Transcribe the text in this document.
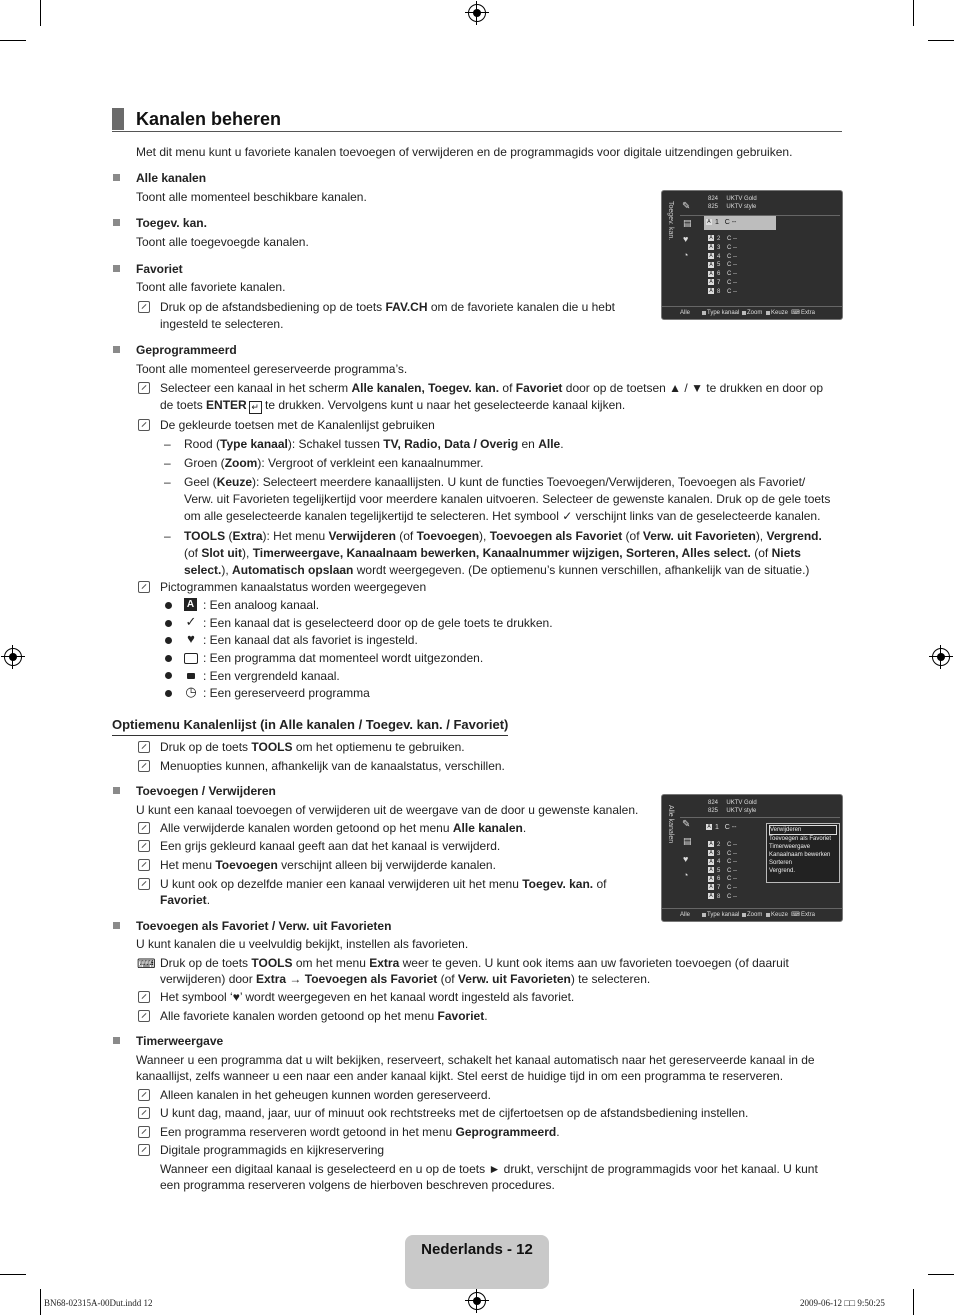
Kanalen beheren
Met dit menu kunt u favoriete kanalen toevoegen of verwijderen en de programmagids voor digitale uitzendingen gebruiken.
Alle kanalen
Toont alle momenteel beschikbare kanalen.
Toegev. kan.
Toont alle toegevoegde kanalen.
Favoriet
Toont alle favoriete kanalen.
Druk op de afstandsbediening op de toets FAV.CH om de favoriete kanalen die u hebt
ingesteld te selecteren.
Toegev. kan. ✎
▤
♥
◔
824 UKTV Gold
825 UKTV style
A 1 C --
A 2    C --
A 3    C --
A 4    C --
A 5    C --
A 6    C --
A 7    C --
A 8    C --
Alle	Type kanaal Zoom Keuze ⌨ Extra
Geprogrammeerd
Toont alle momenteel gereserveerde programma’s.
Selecteer een kanaal in het scherm Alle kanalen, Toegev. kan. of Favoriet door op de toetsen ▲ / ▼ te drukken en door op
de toets ENTER ↵ te drukken. Vervolgens kunt u naar het geselecteerde kanaal kijken.
De gekleurde toetsen met de Kanalenlijst gebruiken
– Rood (Type kanaal): Schakel tussen TV, Radio, Data / Overig en Alle.
– Groen (Zoom): Vergroot of verkleint een kanaalnummer.
– Geel (Keuze): Selecteert meerdere kanaallijsten. U kunt de functies Toevoegen/Verwijderen, Toevoegen als Favoriet/
Verw. uit Favorieten tegelijkertijd voor meerdere kanalen uitvoeren. Selecteer de gewenste kanalen. Druk op de gele toets
om alle geselecteerde kanalen tegelijkertijd te selecteren. Het symbool ✓ verschijnt links van de geselecteerde kanalen.
– TOOLS (Extra): Het menu Verwijderen (of Toevoegen), Toevoegen als Favoriet (of Verw. uit Favorieten), Vergrend.
(of Slot uit), Timerweergave, Kanaalnaam bewerken, Kanaalnummer wijzigen, Sorteren, Alles select. (of Niets
select.), Automatisch opslaan wordt weergegeven. (De optiemenu’s kunnen verschillen, afhankelijk van de situatie.)
Pictogrammen kanaalstatus worden weergegeven
A : Een analoog kanaal.
✓ : Een kanaal dat is geselecteerd door op de gele toets te drukken.
♥ : Een kanaal dat als favoriet is ingesteld.
: Een programma dat momenteel wordt uitgezonden.
: Een vergrendeld kanaal.
◷ : Een gereserveerd programma
Optiemenu Kanalenlijst (in Alle kanalen / Toegev. kan. / Favoriet)
Druk op de toets TOOLS om het optiemenu te gebruiken.
Menuopties kunnen, afhankelijk van de kanaalstatus, verschillen.
Toevoegen / Verwijderen
U kunt een kanaal toevoegen of verwijderen uit de weergave van de door u gewenste kanalen.
Alle verwijderde kanalen worden getoond op het menu Alle kanalen.
Een grijs gekleurd kanaal geeft aan dat het kanaal is verwijderd.
Het menu Toevoegen verschijnt alleen bij verwijderde kanalen.
U kunt ook op dezelfde manier een kanaal verwijderen uit het menu Toegev. kan. of
Favoriet.
Alle kanalen ✎
▤
♥
◔
824 UKTV Gold
825 UKTV style
A 1 C --
A 2    C --
A 3    C --
A 4    C --
A 5    C --
A 6    C --
A 7    C --
A 8    C --
Verwijderen
Toevoegen als Favoriet
Timerweergave
Kanaalnaam bewerken
Sorteren
Vergrend.
Alle	Type kanaal Zoom Keuze ⌨ Extra
Toevoegen als Favoriet / Verw. uit Favorieten
U kunt kanalen die u veelvuldig bekijkt, instellen als favorieten.
⌨ Druk op de toets TOOLS om het menu Extra weer te geven. U kunt ook items aan uw favorieten toevoegen (of daaruit
verwijderen) door Extra → Toevoegen als Favoriet (of Verw. uit Favorieten) te selecteren.
Het symbool ‘♥’ wordt weergegeven en het kanaal wordt ingesteld als favoriet.
Alle favoriete kanalen worden getoond op het menu Favoriet.
Timerweergave
Wanneer u een programma dat u wilt bekijken, reserveert, schakelt het kanaal automatisch naar het gereserveerde kanaal in de
kanaallijst, zelfs wanneer u een naar een ander kanaal kijkt. Stel eerst de huidige tijd in om een programma te reserveren.
Alleen kanalen in het geheugen kunnen worden gereserveerd.
U kunt dag, maand, jaar, uur of minuut ook rechtstreeks met de cijfertoetsen op de afstandsbediening instellen.
Een programma reserveren wordt getoond in het menu Geprogrammeerd.
Digitale programmagids en kijkreservering
Wanneer een digitaal kanaal is geselecteerd en u op de toets ► drukt, verschijnt de programmagids voor het kanaal. U kunt
een programma reserveren volgens de hierboven beschreven procedures.
Nederlands - 12
BN68-02315A-00Dut.indd 12	2009-06-12 □□ 9:50:25
